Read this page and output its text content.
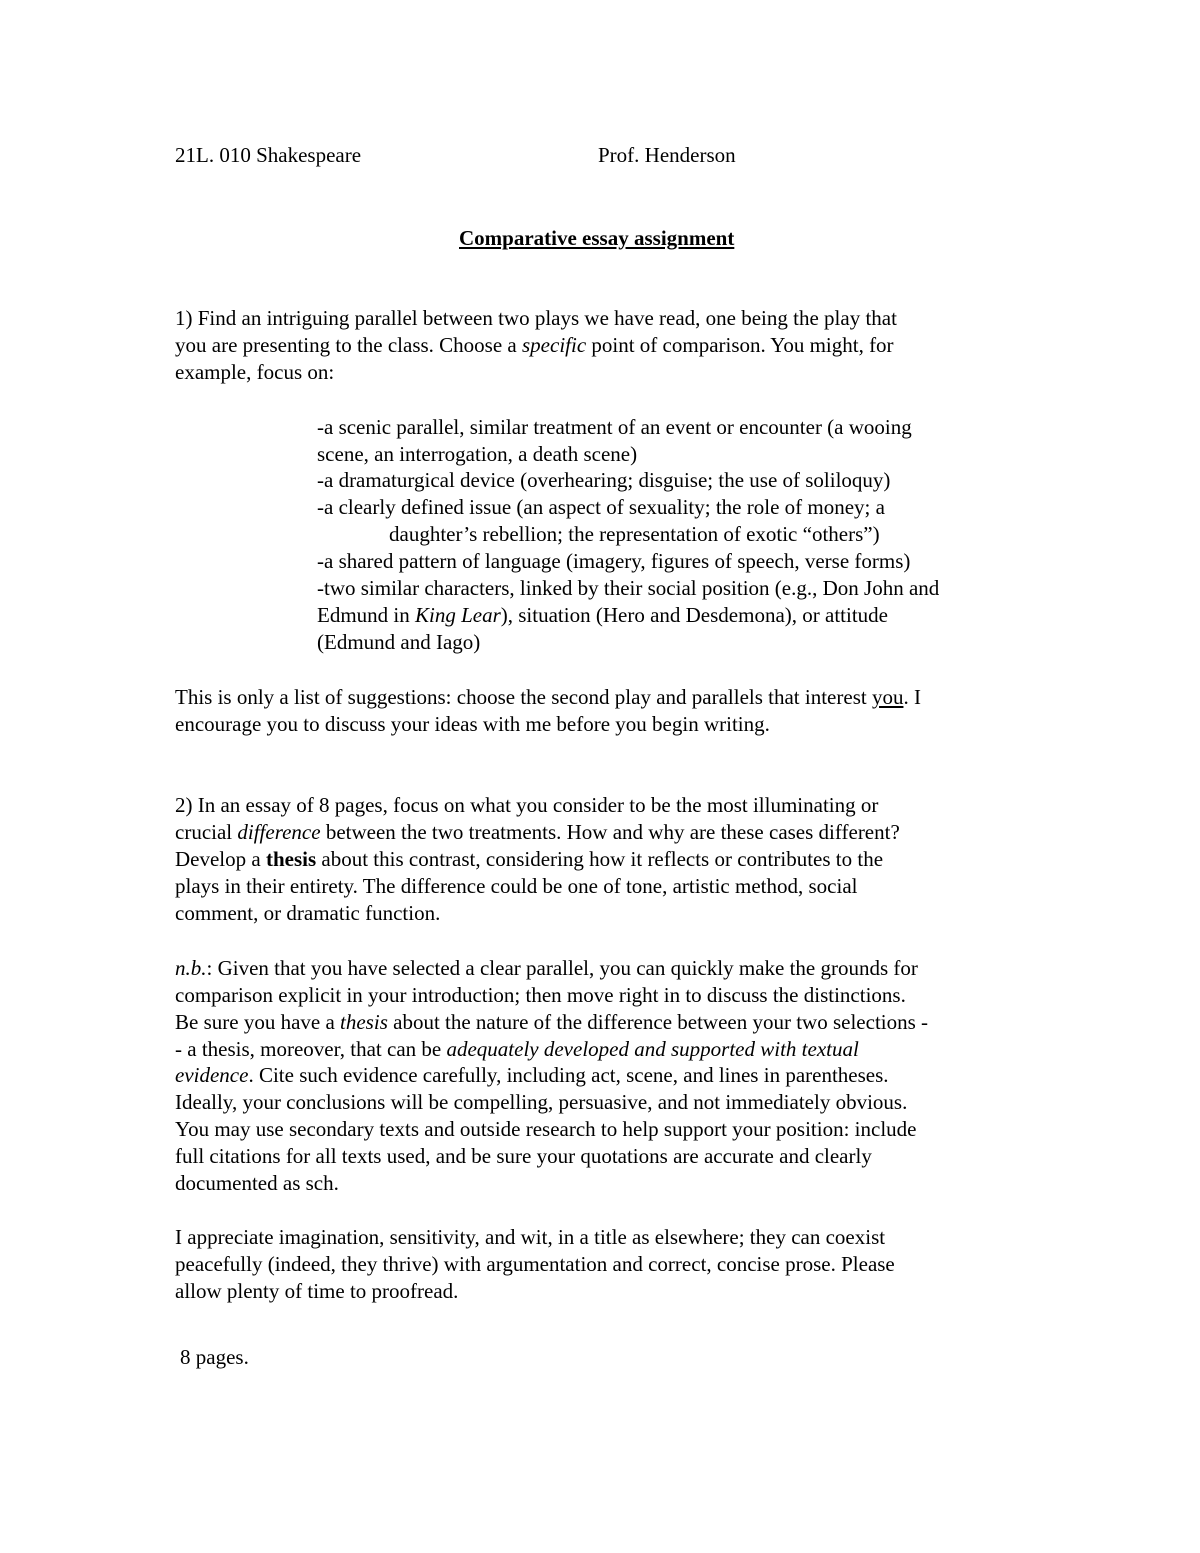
21L. 010 Shakespeare	Prof. Henderson
Comparative essay assignment
1) Find an intriguing parallel between two plays we have read, one being the play that
you are presenting to the class. Choose a specific point of comparison. You might, for
example, focus on:
-a scenic parallel, similar treatment of an event or encounter (a wooing
scene, an interrogation, a death scene)
-a dramaturgical device (overhearing; disguise; the use of soliloquy)
-a clearly defined issue (an aspect of sexuality; the role of money; a
daughter’s rebellion; the representation of exotic “others”)
-a shared pattern of language (imagery, figures of speech, verse forms)
-two similar characters, linked by their social position (e.g., Don John and
Edmund in King Lear), situation (Hero and Desdemona), or attitude
(Edmund and Iago)
This is only a list of suggestions: choose the second play and parallels that interest you. I
encourage you to discuss your ideas with me before you begin writing.
2) In an essay of 8 pages, focus on what you consider to be the most illuminating or
crucial difference between the two treatments. How and why are these cases different?
Develop a thesis about this contrast, considering how it reflects or contributes to the
plays in their entirety. The difference could be one of tone, artistic method, social
comment, or dramatic function.
n.b.: Given that you have selected a clear parallel, you can quickly make the grounds for
comparison explicit in your introduction; then move right in to discuss the distinctions.
Be sure you have a thesis about the nature of the difference between your two selections -
- a thesis, moreover, that can be adequately developed and supported with textual
evidence. Cite such evidence carefully, including act, scene, and lines in parentheses.
Ideally, your conclusions will be compelling, persuasive, and not immediately obvious.
You may use secondary texts and outside research to help support your position: include
full citations for all texts used, and be sure your quotations are accurate and clearly
documented as sch.
I appreciate imagination, sensitivity, and wit, in a title as elsewhere; they can coexist
peacefully (indeed, they thrive) with argumentation and correct, concise prose. Please
allow plenty of time to proofread.
8 pages.
